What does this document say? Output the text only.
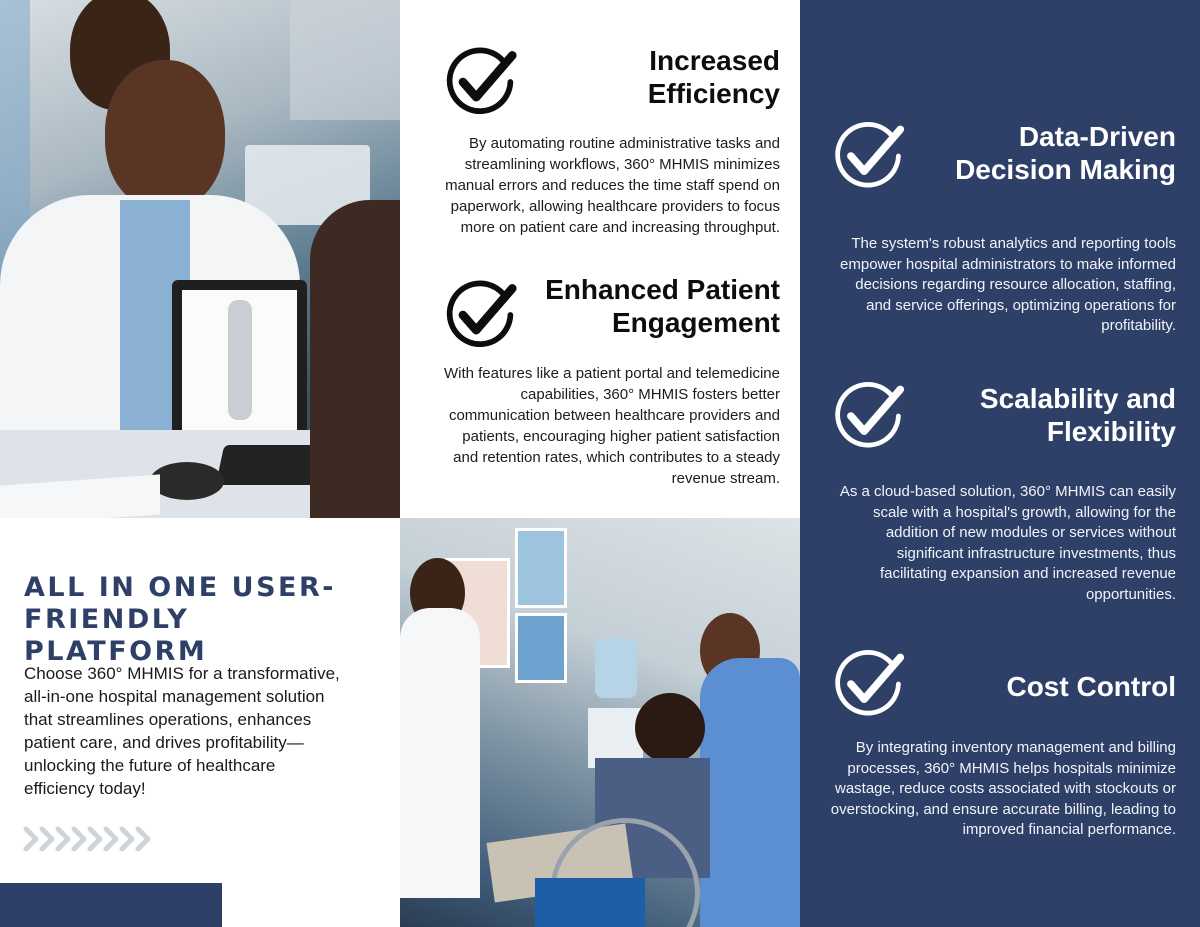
Increased
Efficiency

By automating routine administrative tasks and streamlining workflows, 360° MHMIS minimizes manual errors and reduces the time staff spend on paperwork, allowing healthcare providers to focus more on patient care and increasing throughput.

Enhanced Patient
Engagement

With features like a patient portal and telemedicine capabilities, 360° MHMIS fosters better communication between healthcare providers and patients, encouraging higher patient satisfaction and retention rates, which contributes to a steady revenue stream.

Data-Driven
Decision Making

The system's robust analytics and reporting tools empower hospital administrators to make informed decisions regarding resource allocation, staffing, and service offerings, optimizing operations for profitability.

Scalability and
Flexibility

As a cloud-based solution, 360° MHMIS can easily scale with a hospital's growth, allowing for the addition of new modules or services without significant infrastructure investments, thus facilitating expansion and increased revenue opportunities.

Cost Control

By integrating inventory management and billing processes, 360° MHMIS helps hospitals minimize wastage, reduce costs associated with stockouts or overstocking, and ensure accurate billing, leading to improved financial performance.

ALL IN ONE USER-FRIENDLY PLATFORM

Choose 360° MHMIS for a transformative, all-in-one hospital management solution that streamlines operations, enhances patient care, and drives profitability—unlocking the future of healthcare efficiency today!
